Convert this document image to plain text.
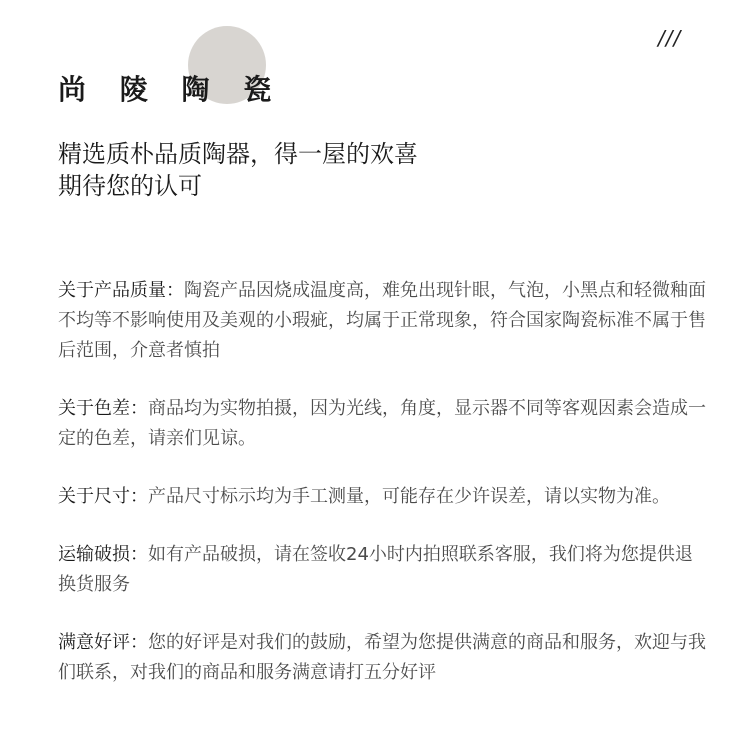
///
尚 陵 陶 瓷
精选质朴品质陶器，得一屋的欢喜
期待您的认可

关于产品质量：陶瓷产品因烧成温度高，难免出现针眼，气泡，小黑点和轻微釉面不均等不影响使用及美观的小瑕疵，均属于正常现象，符合国家陶瓷标准不属于售后范围，介意者慎拍

关于色差：商品均为实物拍摄，因为光线，角度，显示器不同等客观因素会造成一定的色差，请亲们见谅。

关于尺寸：产品尺寸标示均为手工测量，可能存在少许误差，请以实物为准。

运输破损：如有产品破损，请在签收24小时内拍照联系客服，我们将为您提供退换货服务

满意好评：您的好评是对我们的鼓励，希望为您提供满意的商品和服务，欢迎与我们联系，对我们的商品和服务满意请打五分好评
